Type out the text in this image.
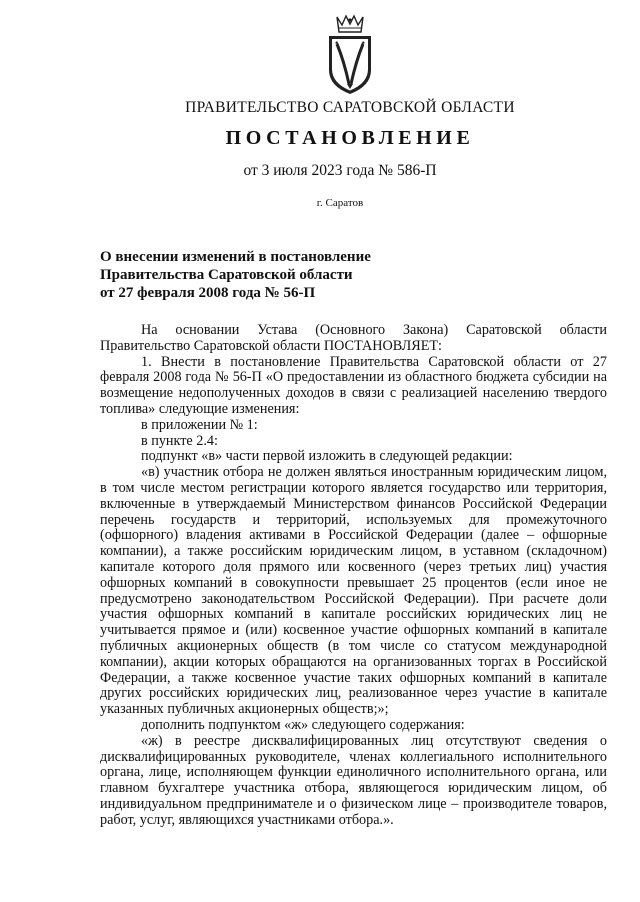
ПРАВИТЕЛЬСТВО САРАТОВСКОЙ ОБЛАСТИ
ПОСТАНОВЛЕНИЕ
от 3 июля 2023 года № 586-П
г. Саратов
О внесении изменений в постановление
Правительства Саратовской области
от 27 февраля 2008 года № 56-П

На основании Устава (Основного Закона) Саратовской области Правительство Саратовской области ПОСТАНОВЛЯЕТ:

1. Внести в постановление Правительства Саратовской области от 27 февраля 2008 года № 56-П «О предоставлении из областного бюджета субсидии на возмещение недополученных доходов в связи с реализацией населению твердого топлива» следующие изменения:

в приложении № 1:

в пункте 2.4:

подпункт «в» части первой изложить в следующей редакции:

«в) участник отбора не должен являться иностранным юридическим лицом, в том числе местом регистрации которого является государство или территория, включенные в утверждаемый Министерством финансов Российской Федерации перечень государств и территорий, используемых для промежуточного (офшорного) владения активами в Российской Федерации (далее – офшорные компании), а также российским юридическим лицом, в уставном (складочном) капитале которого доля прямого или косвенного (через третьих лиц) участия офшорных компаний в совокупности превышает 25 процентов (если иное не предусмотрено законодательством Российской Федерации). При расчете доли участия офшорных компаний в капитале российских юридических лиц не учитывается прямое и (или) косвенное участие офшорных компаний в капитале публичных акционерных обществ (в том числе со статусом международной компании), акции которых обращаются на организованных торгах в Российской Федерации, а также косвенное участие таких офшорных компаний в капитале других российских юридических лиц, реализованное через участие в капитале указанных публичных акционерных обществ;»;

дополнить подпунктом «ж» следующего содержания:

«ж) в реестре дисквалифицированных лиц отсутствуют сведения о дисквалифицированных руководителе, членах коллегиального исполнительного органа, лице, исполняющем функции единоличного исполнительного органа, или главном бухгалтере участника отбора, являющегося юридическим лицом, об индивидуальном предпринимателе и о физическом лице – производителе товаров, работ, услуг, являющихся участниками отбора.».
